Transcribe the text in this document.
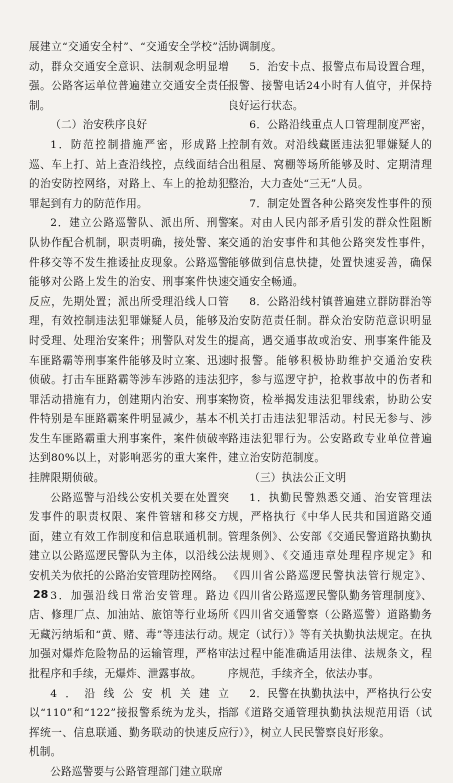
展建立“交通安全村”、“交通安全学校”活动，群众交通安全意识、法制观念明显增强。公路客运单位普遍建立交通安全责任制。

（二）治安秩序良好

1．防范控制措施严密，形成路上巡、车上打、站上查沿线控，点线面结合的治安防控网络，对路上、车上的抢劫犯罪起到有力的防范作用。

2．建立公路巡警队、派出所、刑警队协作配合机制，职责明确，接处警、案件移交等不发生推诿扯皮现象。公路巡警能够对公路上发生的治安、刑事案件快速反应，先期处置；派出所受理沿线人口管理，有效控制违法犯罪嫌疑人员，能够及时受理、处理治安案件；刑警队对发生的车匪路霸等刑事案件能够及时立案、迅速侦破。打击车匪路霸等涉车涉路的违法犯罪活动措施有力，创建期内治安、刑事案件特别是车匪路霸案件明显减少，基本不发生车匪路霸重大刑事案件，案件侦破率达到80%以上，对影响恶劣的重大案件，挂牌限期侦破。

公路巡警与沿线公安机关要在处置突发事件的职责权限、案件管辖和移交方面，建立有效工作制度和信息联通机制。建立以公路巡逻民警队为主体，以沿线公安机关为依托的公路治安管理防控网络。

3．加强沿线日常治安管理。路边店、修理厂点、加油站、旅馆等行业场所无藏污纳垢和“黄、赌、毒”等违法行动。加强对爆炸危险物品的运输管理，严格审批程序和手续，无爆炸、泄露事故。

4．沿线公安机关建立以“110”和“122”接报警系统为龙头，指挥统一、信息联通、勤务联动的快速反应机制。

公路巡警要与公路管理部门建立联席

协调制度。

5．治安卡点、报警点布局设置合理，报警、接警电话24小时有人值守，并保持良好运行状态。

6．公路沿线重点人口管理制度严密，控制有效。对沿线藏匿违法犯罪嫌疑人的出租屋、窝棚等场所能够及时、定期清理整治，大力查处“三无”人员。

7．制定处置各种公路突发性事件的预案。对由人民内部矛盾引发的群众性阻断交通的治安事件和其他公路突发性事件，能够做到信息快捷，处置快速妥善，确保交通安全畅通。

8．公路沿线村镇普遍建立群防群治等治安防范责任制。群众治安防范意识明显提高，遇交通事故或治安、刑事案件能及时报警。能够积极协助维护交通治安秩序，参与巡逻守护，抢救事故中的伤者和物资，检举揭发违法犯罪线索，协助公安机关打击违法犯罪活动。村民无参与、涉路违法犯罪行为。公安路政专业单位普遍建立治安防范制度。

（三）执法公正文明

1．执勤民警熟悉交通、治安管理法规，严格执行《中华人民共和国道路交通管理条例》、公安部《交通民警道路执勤执法规则》、《交通违章处理程序规定》和《四川省公路巡逻民警执法管行规定》、《四川省公路巡逻民警队勤务管理制度》、《四川省交通警察（公路巡警）道路勤务规定（试行）》等有关执勤执法规定。在执法过程中能准确适用法律、法规条文，程序规范，手续齐全，依法办事。

2．民警在执勤执法中，严格执行公安部《道路交通管理执勤执法规范用语（试行）》，树立人民民警察良好形象。

28
